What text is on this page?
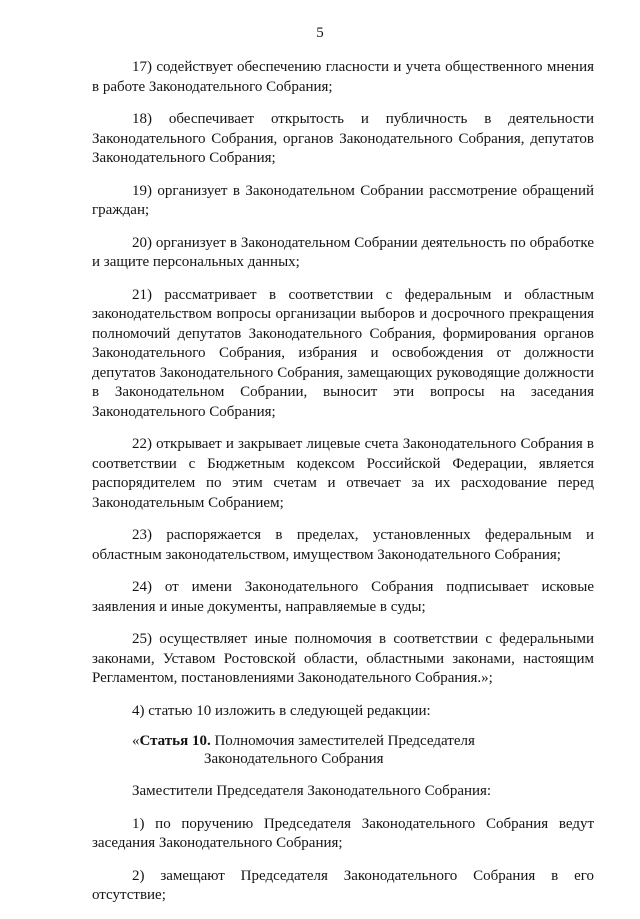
5

17) содействует обеспечению гласности и учета общественного мнения в работе Законодательного Собрания;

18) обеспечивает открытость и публичность в деятельности Законодательного Собрания, органов Законодательного Собрания, депутатов Законодательного Собрания;

19) организует в Законодательном Собрании рассмотрение обращений граждан;

20) организует в Законодательном Собрании деятельность по обработке и защите персональных данных;

21) рассматривает в соответствии с федеральным и областным законодательством вопросы организации выборов и досрочного прекращения полномочий депутатов Законодательного Собрания, формирования органов Законодательного Собрания, избрания и освобождения от должности депутатов Законодательного Собрания, замещающих руководящие должности в Законодательном Собрании, выносит эти вопросы на заседания Законодательного Собрания;

22) открывает и закрывает лицевые счета Законодательного Собрания в соответствии с Бюджетным кодексом Российской Федерации, является распорядителем по этим счетам и отвечает за их расходование перед Законодательным Собранием;

23) распоряжается в пределах, установленных федеральным и областным законодательством, имуществом Законодательного Собрания;

24) от имени Законодательного Собрания подписывает исковые заявления и иные документы, направляемые в суды;

25) осуществляет иные полномочия в соответствии с федеральными законами, Уставом Ростовской области, областными законами, настоящим Регламентом, постановлениями Законодательного Собрания.»;

4) статью 10 изложить в следующей редакции:

«Статья 10. Полномочия заместителей Председателя
Законодательного Собрания

Заместители Председателя Законодательного Собрания:

1) по поручению Председателя Законодательного Собрания ведут заседания Законодательного Собрания;

2) замещают Председателя Законодательного Собрания в его отсутствие;
